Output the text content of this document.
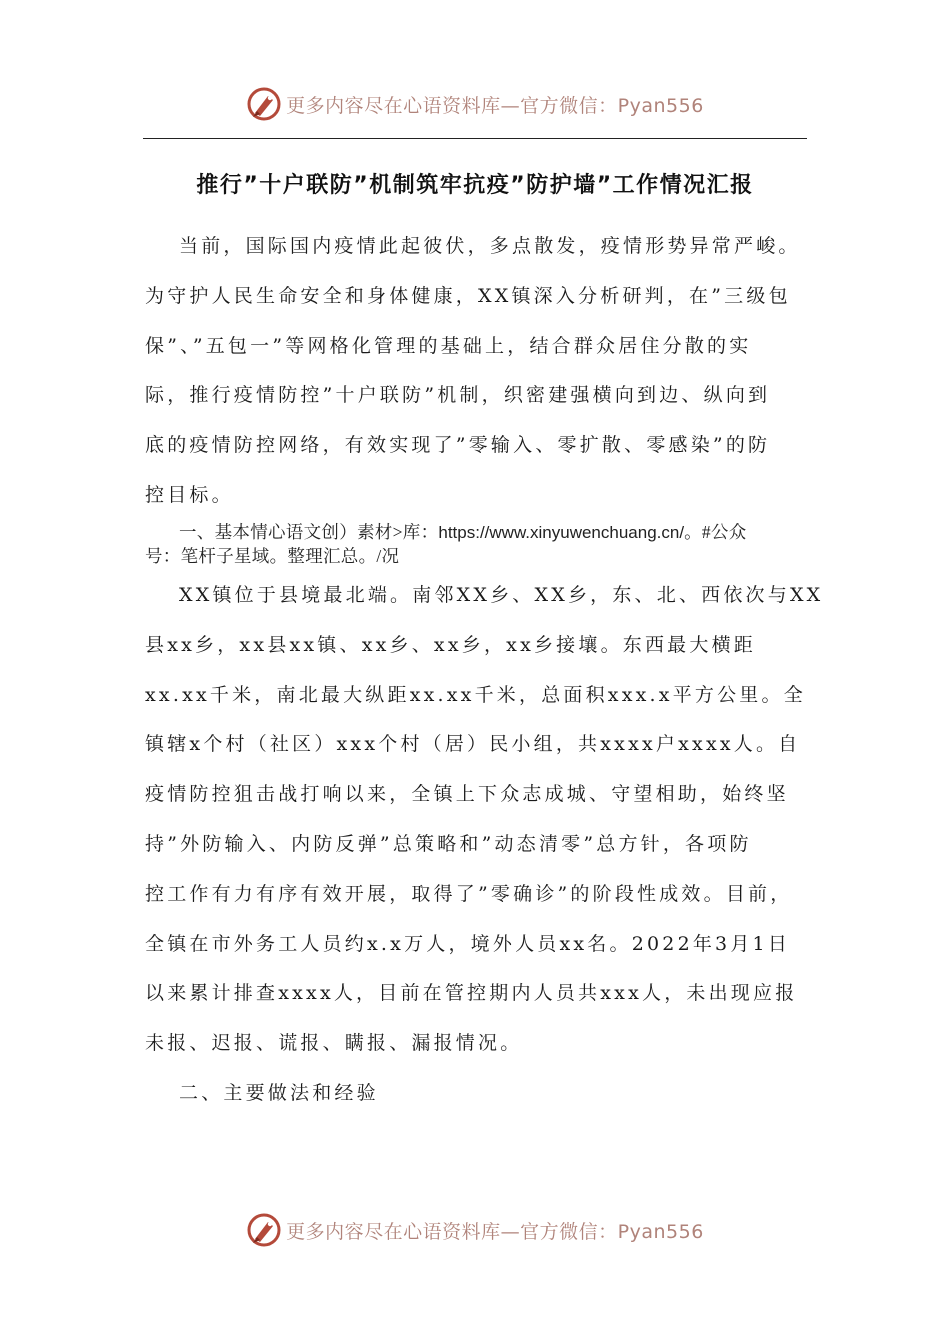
更多内容尽在心语资料库—官方微信：Pyan556
推行”十户联防”机制筑牢抗疫”防护墙”工作情况汇报
当前，国际国内疫情此起彼伏，多点散发，疫情形势异常严峻。
为守护人民生命安全和身体健康，XX镇深入分析研判，在”三级包
保”、”五包一”等网格化管理的基础上，结合群众居住分散的实
际，推行疫情防控”十户联防”机制，织密建强横向到边、纵向到
底的疫情防控网络，有效实现了”零输入、零扩散、零感染”的防
控目标。
一、基本情心语文创）素材>库：https://www.xinyuwenchuang.cn/。#公众
号：笔杆子星域。整理汇总。/况
XX镇位于县境最北端。南邻XX乡、XX乡，东、北、西依次与XX
县xx乡，xx县xx镇、xx乡、xx乡，xx乡接壤。东西最大横距
xx.xx千米，南北最大纵距xx.xx千米，总面积xxx.x平方公里。全
镇辖x个村（社区）xxx个村（居）民小组，共xxxx户xxxx人。自
疫情防控狙击战打响以来，全镇上下众志成城、守望相助，始终坚
持”外防输入、内防反弹”总策略和”动态清零”总方针，各项防
控工作有力有序有效开展，取得了”零确诊”的阶段性成效。目前，
全镇在市外务工人员约x.x万人，境外人员xx名。2022年3月1日
以来累计排查xxxx人，目前在管控期内人员共xxx人，未出现应报
未报、迟报、谎报、瞒报、漏报情况。
二、主要做法和经验
更多内容尽在心语资料库—官方微信：Pyan556
